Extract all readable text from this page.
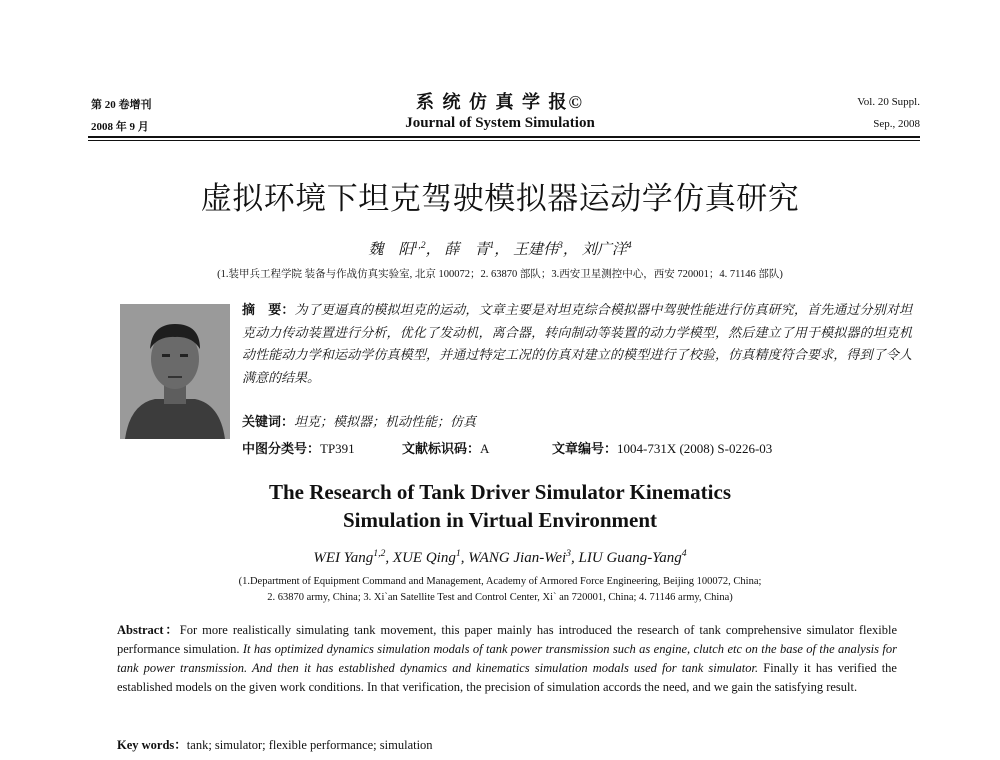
第 20 卷增刊
2008 年 9 月
系 统 仿 真 学 报©
Journal of System Simulation
Vol. 20 Suppl.
Sep., 2008
虚拟环境下坦克驾驶模拟器运动学仿真研究
魏　阳$^{1,2}$， 薛　青$^1$， 王建伟$^3$， 刘广洋$^4$
(1.装甲兵工程学院 装备与作战仿真实验室, 北京 100072；2. 63870 部队；3.西安卫星测控中心，西安 720001；4. 71146 部队)
摘　要：为了更逼真的模拟坦克的运动，文章主要是对坦克综合模拟器中驾驶性能进行仿真研究，首先通过分别对坦克动力传动装置进行分析，优化了发动机，离合器，转向制动等装置的动力学模型，然后建立了用于模拟器的坦克机动性能动力学和运动学仿真模型，并通过特定工况的仿真对建立的模型进行了校验，仿真精度符合要求，得到了令人满意的结果。
关键词：坦克；模拟器；机动性能；仿真
中图分类号：TP391	文献标识码：A	文章编号：1004-731X (2008) S-0226-03
The Research of Tank Driver Simulator Kinematics
Simulation in Virtual Environment
WEI Yang$^{1,2}$, XUE Qing$^1$, WANG Jian-Wei$^3$, LIU Guang-Yang$^4$
(1.Department of Equipment Command and Management, Academy of Armored Force Engineering, Beijing 100072, China;
2. 63870 army, China; 3. Xi`an Satellite Test and Control Center, Xi` an 720001, China; 4. 71146 army, China)
Abstract：For more realistically simulating tank movement, this paper mainly has introduced the research of tank comprehensive simulator flexible performance simulation. It has optimized dynamics simulation modals of tank power transmission such as engine, clutch etc on the base of the analysis for tank power transmission. And then it has established dynamics and kinematics simulation modals used for tank simulator. Finally it has verified the established models on the given work conditions. In that verification, the precision of simulation accords the need, and we gain the satisfying result.
Key words：tank; simulator; flexible performance; simulation
